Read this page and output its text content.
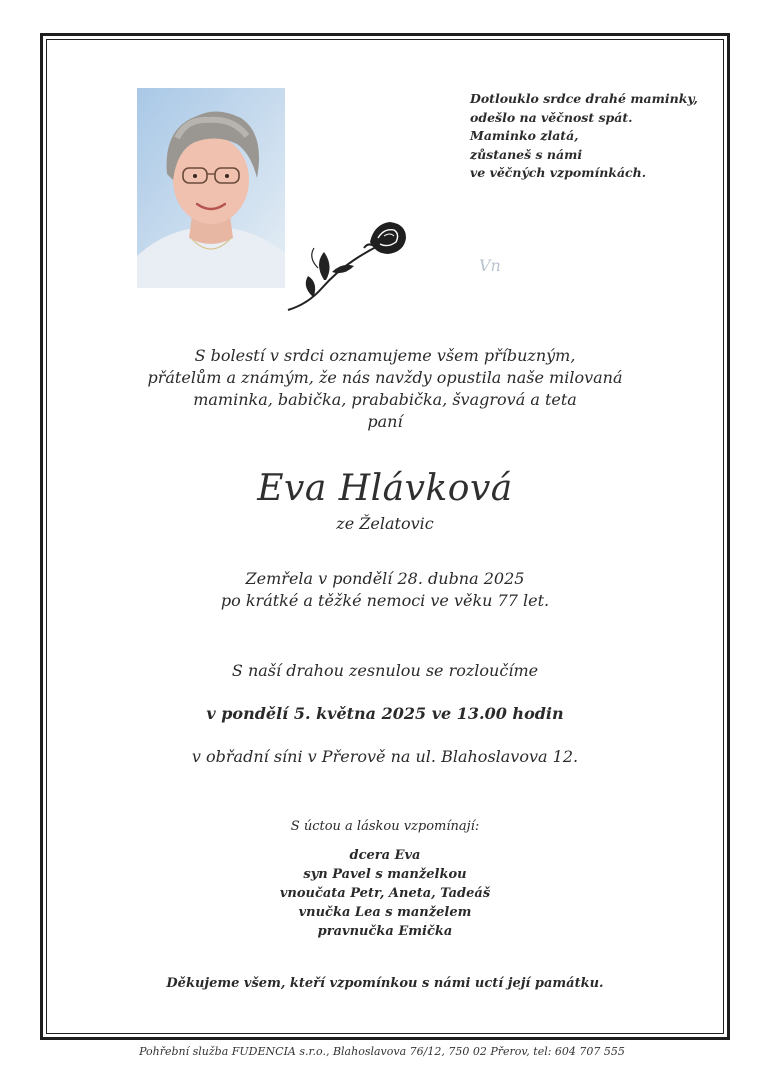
Dotlouklo srdce drahé maminky,
odešlo na věčnost spát.
Maminko zlatá,
zůstaneš s námi
ve věčných vzpomínkách.
Vn
S bolestí v srdci oznamujeme všem příbuzným,
přátelům a známým, že nás navždy opustila naše milovaná
maminka, babička, prababička, švagrová a teta
paní
Eva Hlávková
ze Želatovic
Zemřela v pondělí 28. dubna 2025
po krátké a těžké nemoci ve věku 77 let.
S naší drahou zesnulou se rozloučíme
v pondělí 5. května 2025 ve 13.00 hodin
v obřadní síni v Přerově na ul. Blahoslavova 12.
S úctou a láskou vzpomínají:
dcera Eva
syn Pavel s manželkou
vnoučata Petr, Aneta, Tadeáš
vnučka Lea s manželem
pravnučka Emička
Děkujeme všem, kteří vzpomínkou s námi uctí její památku.
Pohřební služba FUDENCIA s.r.o., Blahoslavova 76/12, 750 02 Přerov, tel: 604 707 555
